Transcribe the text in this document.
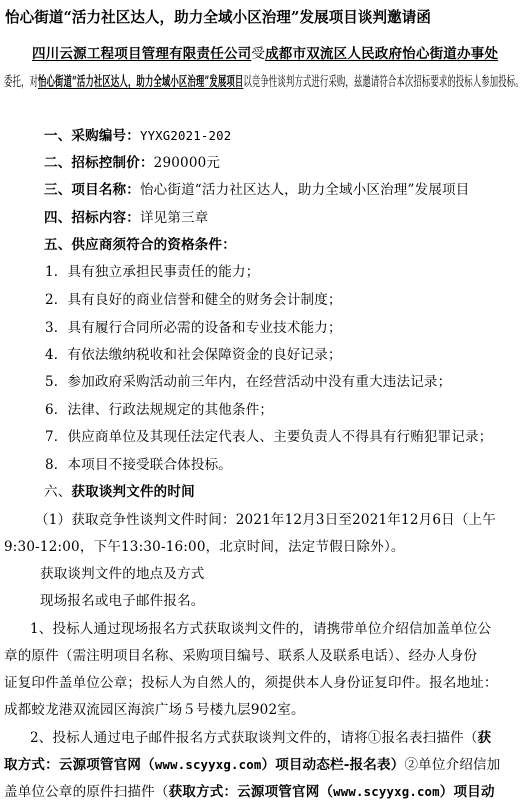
怡心街道“活力社区达人，助力全域小区治理”发展项目谈判邀请函
四川云源工程项目管理有限责任公司受成都市双流区人民政府怡心街道办事处
委托，对怡心街道“活力社区达人，助力全域小区治理”发展项目以竞争性谈判方式进行采购，兹邀请符合本次招标要求的投标人参加投标。
一、采购编号：YYXG2021-202
二、招标控制价：290000元
三、项目名称：怡心街道“活力社区达人，助力全域小区治理”发展项目
四、招标内容：详见第三章
五、供应商须符合的资格条件：
1．具有独立承担民事责任的能力；
2．具有良好的商业信誉和健全的财务会计制度；
3．具有履行合同所必需的设备和专业技术能力；
4．有依法缴纳税收和社会保障资金的良好记录；
5．参加政府采购活动前三年内，在经营活动中没有重大违法记录；
6．法律、行政法规规定的其他条件；
7．供应商单位及其现任法定代表人、主要负责人不得具有行贿犯罪记录；
8．本项目不接受联合体投标。
六、获取谈判文件的时间
（1）获取竞争性谈判文件时间：2021年12月3日至2021年12月6日（上午
9:30-12:00，下午13:30-16:00，北京时间，法定节假日除外）。
获取谈判文件的地点及方式
现场报名或电子邮件报名。
1、投标人通过现场报名方式获取谈判文件的，请携带单位介绍信加盖单位公
章的原件（需注明项目名称、采购项目编号、联系人及联系电话）、经办人身份
证复印件盖单位公章；投标人为自然人的，须提供本人身份证复印件。报名地址：
成都蛟龙港双流园区海滨广场５号楼九层902室。
2、投标人通过电子邮件报名方式获取谈判文件的，请将①报名表扫描件（获
取方式：云源项管官网（www.scyyxg.com）项目动态栏-报名表）②单位介绍信加
盖单位公章的原件扫描件（获取方式：云源项管官网（www.scyyxg.com）项目动
